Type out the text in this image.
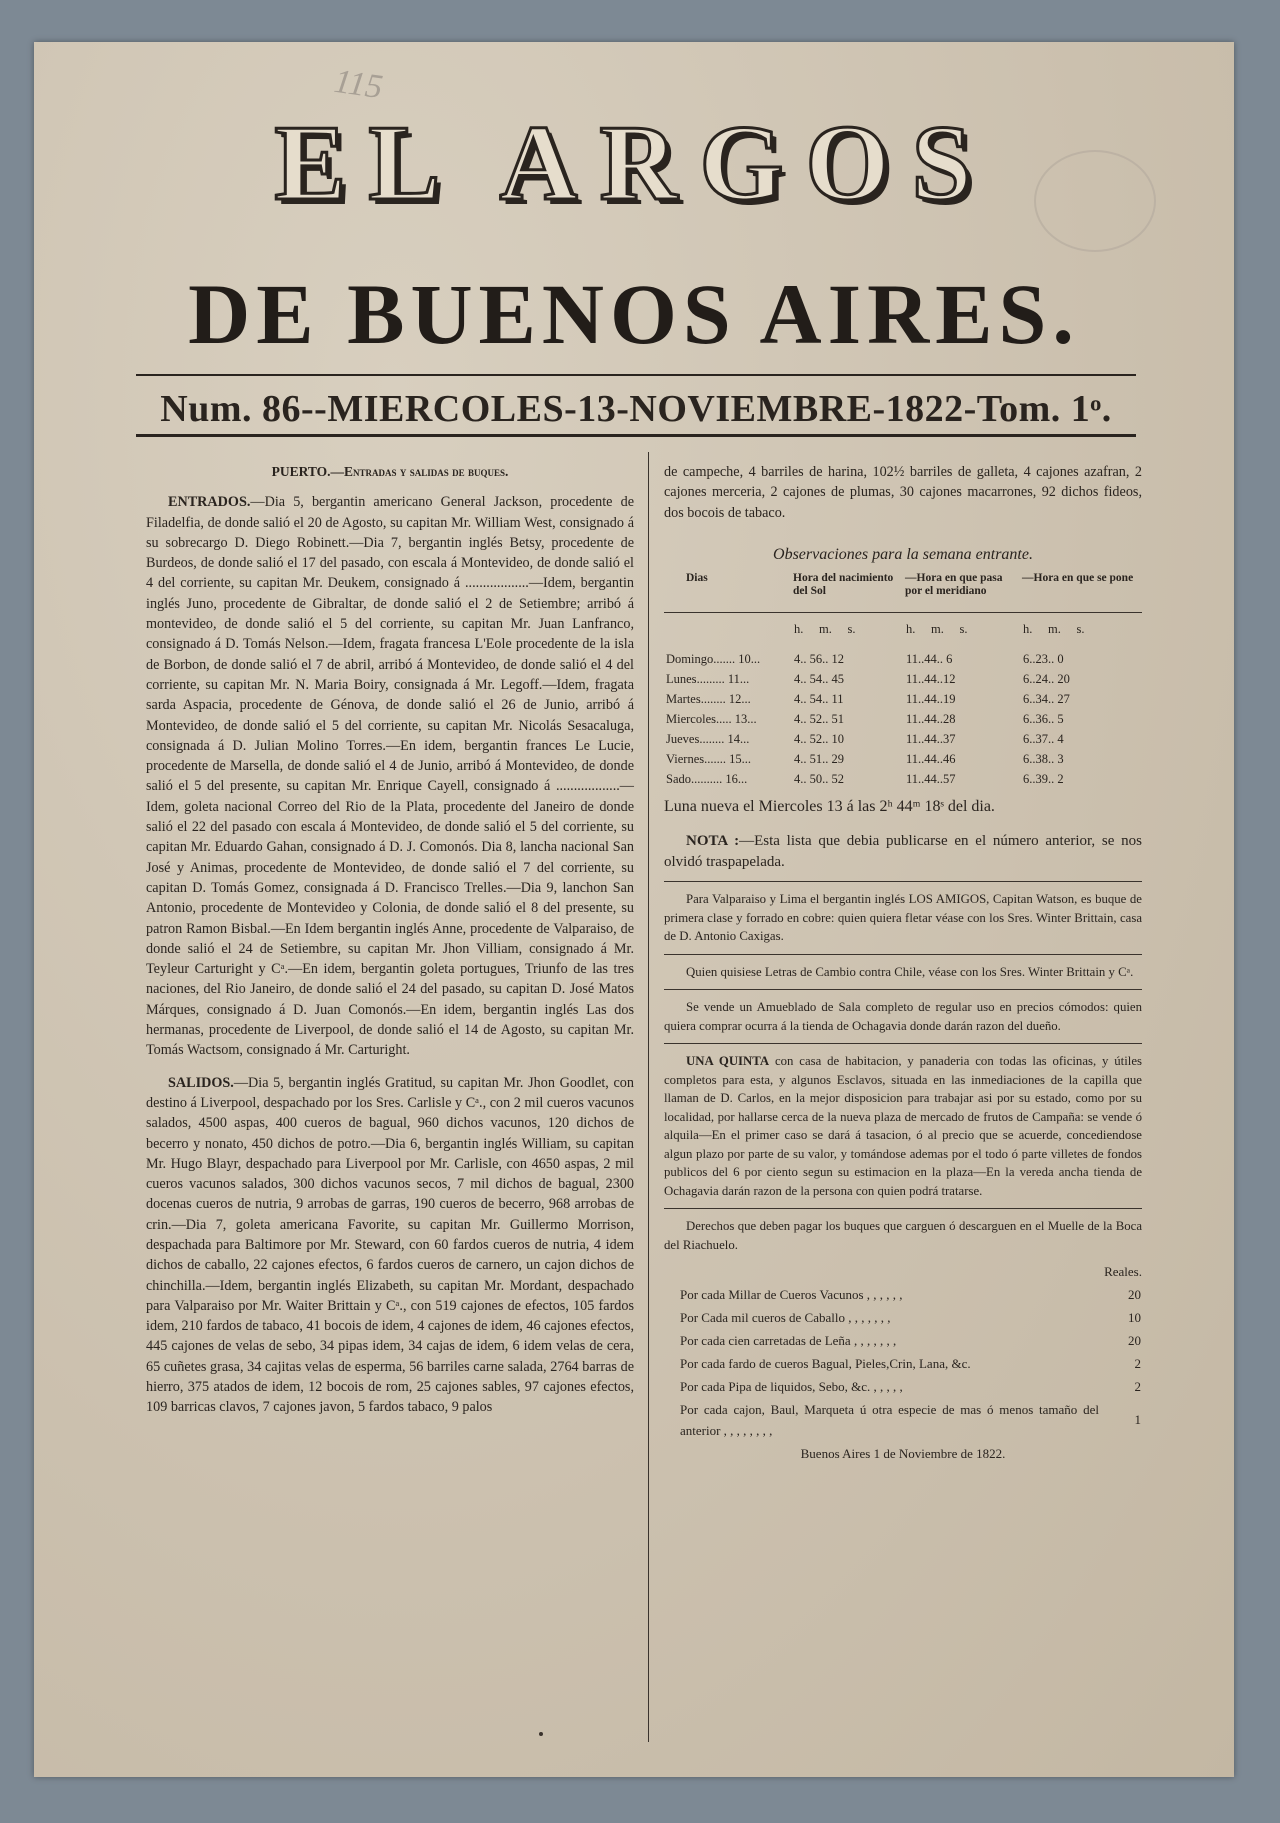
115
EL ARGOS
DE BUENOS AIRES.
Num. 86--MIERCOLES-13-NOVIEMBRE-1822-Tom. 1ᵒ.

PUERTO.—Entradas y salidas de buques.

ENTRADOS.—Dia 5, bergantin americano General Jackson, procedente de Filadelfia, de donde salió el 20 de Agosto, su capitan Mr. William West, consignado á su sobrecargo D. Diego Robinett.—Dia 7, bergantin inglés Betsy, procedente de Burdeos, de donde salió el 17 del pasado, con escala á Montevideo, de donde salió el 4 del corriente, su capitan Mr. Deukem, consignado á ..................—Idem, bergantin inglés Juno, procedente de Gibraltar, de donde salió el 2 de Setiembre; arribó á montevideo, de donde salió el 5 del corriente, su capitan Mr. Juan Lanfranco, consignado á D. Tomás Nelson.—Idem, fragata francesa L'Eole procedente de la isla de Borbon, de donde salió el 7 de abril, arribó á Montevideo, de donde salió el 4 del corriente, su capitan Mr. N. Maria Boiry, consignada á Mr. Legoff.—Idem, fragata sarda Aspacia, procedente de Génova, de donde salió el 26 de Junio, arribó á Montevideo, de donde salió el 5 del corriente, su capitan Mr. Nicolás Sesacaluga, consignada á D. Julian Molino Torres.—En idem, bergantin frances Le Lucie, procedente de Marsella, de donde salió el 4 de Junio, arribó á Montevideo, de donde salió el 5 del presente, su capitan Mr. Enrique Cayell, consignado á ..................—Idem, goleta nacional Correo del Rio de la Plata, procedente del Janeiro de donde salió el 22 del pasado con escala á Montevideo, de donde salió el 5 del corriente, su capitan Mr. Eduardo Gahan, consignado á D. J. Comonós. Dia 8, lancha nacional San José y Animas, procedente de Montevideo, de donde salió el 7 del corriente, su capitan D. Tomás Gomez, consignada á D. Francisco Trelles.—Dia 9, lanchon San Antonio, procedente de Montevideo y Colonia, de donde salió el 8 del presente, su patron Ramon Bisbal.—En Idem bergantin inglés Anne, procedente de Valparaiso, de donde salió el 24 de Setiembre, su capitan Mr. Jhon Villiam, consignado á Mr. Teyleur Carturight y Cᵃ.—En idem, bergantin goleta portugues, Triunfo de las tres naciones, del Rio Janeiro, de donde salió el 24 del pasado, su capitan D. José Matos Márques, consignado á D. Juan Comonós.—En idem, bergantin inglés Las dos hermanas, procedente de Liverpool, de donde salió el 14 de Agosto, su capitan Mr. Tomás Wactsom, consignado á Mr. Carturight.

SALIDOS.—Dia 5, bergantin inglés Gratitud, su capitan Mr. Jhon Goodlet, con destino á Liverpool, despachado por los Sres. Carlisle y Cᵃ., con 2 mil cueros vacunos salados, 4500 aspas, 400 cueros de bagual, 960 dichos vacunos, 120 dichos de becerro y nonato, 450 dichos de potro.—Dia 6, bergantin inglés William, su capitan Mr. Hugo Blayr, despachado para Liverpool por Mr. Carlisle, con 4650 aspas, 2 mil cueros vacunos salados, 300 dichos vacunos secos, 7 mil dichos de bagual, 2300 docenas cueros de nutria, 9 arrobas de garras, 190 cueros de becerro, 968 arrobas de crin.—Dia 7, goleta americana Favorite, su capitan Mr. Guillermo Morrison, despachada para Baltimore por Mr. Steward, con 60 fardos cueros de nutria, 4 idem dichos de caballo, 22 cajones efectos, 6 fardos cueros de carnero, un cajon dichos de chinchilla.—Idem, bergantin inglés Elizabeth, su capitan Mr. Mordant, despachado para Valparaiso por Mr. Waiter Brittain y Cᵃ., con 519 cajones de efectos, 105 fardos idem, 210 fardos de tabaco, 41 bocois de idem, 4 cajones de idem, 46 cajones efectos, 445 cajones de velas de sebo, 34 pipas idem, 34 cajas de idem, 6 idem velas de cera, 65 cuñetes grasa, 34 cajitas velas de esperma, 56 barriles carne salada, 2764 barras de hierro, 375 atados de idem, 12 bocois de rom, 25 cajones sables, 97 cajones efectos, 109 barricas clavos, 7 cajones javon, 5 fardos tabaco, 9 palos

de campeche, 4 barriles de harina, 102½ barriles de galleta, 4 cajones azafran, 2 cajones merceria, 2 cajones de plumas, 30 cajones macarrones, 92 dichos fideos, dos bocois de tabaco.

Observaciones para la semana entrante.
Dias	Hora del nacimiento del Sol	—Hora en que pasa por el meridiano	—Hora en que se pone
	h. m. s.	h. m. s.	h. m. s.

Domingo....... 10...	4.. 56.. 12	11..44.. 6	6..23.. 0
Lunes......... 11...	4.. 54.. 45	11..44..12	6..24.. 20
Martes........ 12...	4.. 54.. 11	11..44..19	6..34.. 27
Miercoles..... 13...	4.. 52.. 51	11..44..28	6..36.. 5
Jueves........ 14...	4.. 52.. 10	11..44..37	6..37.. 4
Viernes....... 15...	4.. 51.. 29	11..44..46	6..38.. 3
Sado.......... 16...	4.. 50.. 52	11..44..57	6..39.. 2
Luna nueva el Miercoles 13 á las 2ʰ 44ᵐ 18ˢ del dia.

NOTA :—Esta lista que debia publicarse en el número anterior, se nos olvidó traspapelada.

Para Valparaiso y Lima el bergantin inglés LOS AMIGOS, Capitan Watson, es buque de primera clase y forrado en cobre: quien quiera fletar véase con los Sres. Winter Brittain, casa de D. Antonio Caxigas.

Quien quisiese Letras de Cambio contra Chile, véase con los Sres. Winter Brittain y Cᵃ.

Se vende un Amueblado de Sala completo de regular uso en precios cómodos: quien quiera comprar ocurra á la tienda de Ochagavia donde darán razon del dueño.

UNA QUINTA con casa de habitacion, y panaderia con todas las oficinas, y útiles completos para esta, y algunos Esclavos, situada en las inmediaciones de la capilla que llaman de D. Carlos, en la mejor disposicion para trabajar asi por su estado, como por su localidad, por hallarse cerca de la nueva plaza de mercado de frutos de Campaña: se vende ó alquila—En el primer caso se dará á tasacion, ó al precio que se acuerde, concediendose algun plazo por parte de su valor, y tomándose ademas por el todo ó parte villetes de fondos publicos del 6 por ciento segun su estimacion en la plaza—En la vereda ancha tienda de Ochagavia darán razon de la persona con quien podrá tratarse.

Derechos que deben pagar los buques que carguen ó descarguen en el Muelle de la Boca del Riachuelo.

Reales.
Por cada Millar de Cueros Vacunos , , , , , ,	20
Por Cada mil cueros de Caballo , , , , , , ,	10
Por cada cien carretadas de Leña , , , , , , ,	20
Por cada fardo de cueros Bagual, Pieles,Crin, Lana, &c.	2
Por cada Pipa de liquidos, Sebo, &c. , , , , ,	2
Por cada cajon, Baul, Marqueta ú otra especie de mas ó menos tamaño del anterior , , , , , , , ,	1
Buenos Aires 1 de Noviembre de 1822.
